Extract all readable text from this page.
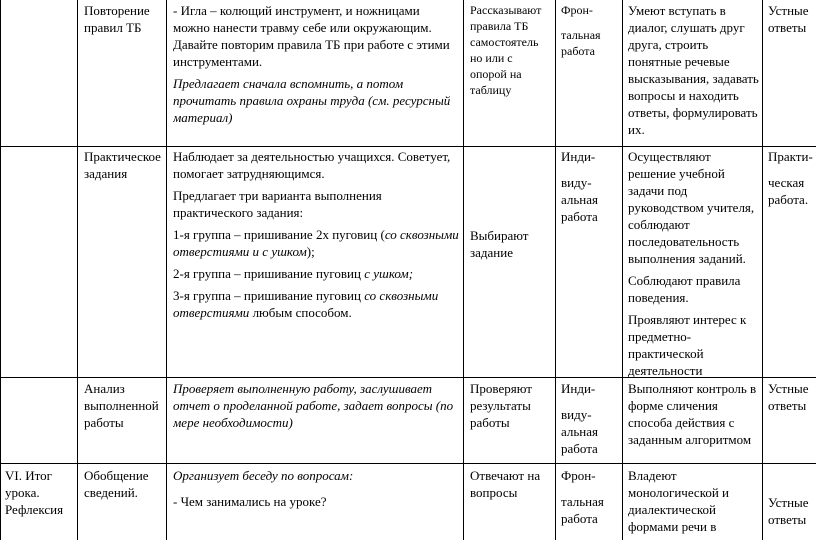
Повторение правил ТБ

- Игла – колющий инструмент, и ножницами можно нанести травму себе или окружающим. Давайте повторим правила ТБ при работе с этими инструментами.

Предлагает сначала вспомнить, а потом прочитать правила охраны труда (см. ресурсный материал)

Рассказывают правила ТБ самостоятель но или с опорой на таблицу

Фрон-

тальная работа

Умеют вступать в диалог, слушать друг друга, строить понятные речевые высказывания, задавать вопросы и находить ответы, формулировать их.
Устные ответы
Практическое задания

Наблюдает за деятельностью учащихся. Советует, помогает затрудняющимся.

Предлагает три варианта выполнения практического задания:

1-я группа – пришивание 2х пуговиц (со сквозными отверстиями и с ушком);

2-я группа – пришивание пуговиц с ушком;

3-я группа – пришивание пуговиц со сквозными отверстиями любым способом.

Выбирают задание

Инди-

виду-альная работа

Осуществляют решение учебной задачи под руководством учителя, соблюдают последовательность выполнения заданий.

Соблюдают правила поведения.

Проявляют интерес к предметно-практической деятельности

Практи-

ческая работа.

Анализ выполненной работы
Проверяет выполненную работу, заслушивает отчет о проделанной работе, задает вопросы (по мере необходимости)
Проверяют результаты работы

Инди-

виду-альная работа

Выполняют контроль в форме сличения способа действия с заданным алгоритмом
Устные ответы
VI. Итог урока. Рефлексия
Обобщение сведений.

Организует беседу по вопросам:

- Чем занимались на уроке?

Отвечают на вопросы

Фрон-

тальная работа

Владеют монологической и диалектической формами речи в
Устные ответы
